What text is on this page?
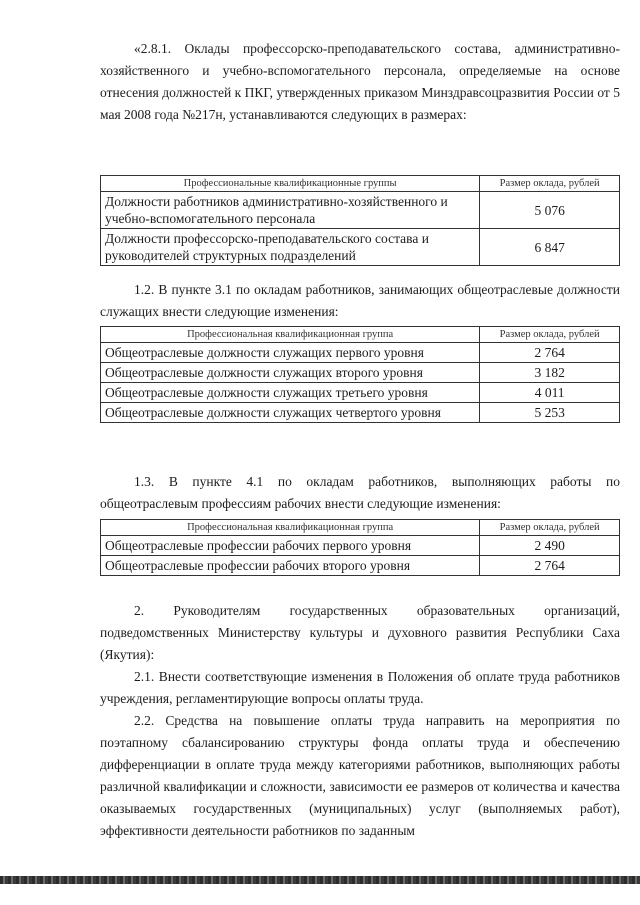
«2.8.1. Оклады профессорско-преподавательского состава, административно-хозяйственного и учебно-вспомогательного персонала, определяемые на основе отнесения должностей к ПКГ, утвержденных приказом Минздравсоцразвития России от 5 мая 2008 года №217н, устанавливаются следующих в размерах:

Профессиональные квалификационные группы	Размер оклада, рублей
Должности работников административно-хозяйственного и учебно-вспомогательного персонала	5 076
Должности профессорско-преподавательского состава и руководителей структурных подразделений	6 847

1.2. В пункте 3.1 по окладам работников, занимающих общеотраслевые должности служащих внести следующие изменения:

Профессиональная квалификационная группа	Размер оклада, рублей
Общеотраслевые должности служащих первого уровня	2 764
Общеотраслевые должности служащих второго уровня	3 182
Общеотраслевые должности служащих третьего уровня	4 011
Общеотраслевые должности служащих четвертого уровня	5 253

1.3. В пункте 4.1 по окладам работников, выполняющих работы по общеотраслевым профессиям рабочих внести следующие изменения:

Профессиональная квалификационная группа	Размер оклада, рублей
Общеотраслевые профессии рабочих первого уровня	2 490
Общеотраслевые профессии рабочих второго уровня	2 764

2. Руководителям государственных образовательных организаций, подведомственных Министерству культуры и духовного развития Республики Саха (Якутия):

2.1. Внести соответствующие изменения в Положения об оплате труда работников учреждения, регламентирующие вопросы оплаты труда.

2.2. Средства на повышение оплаты труда направить на мероприятия по поэтапному сбалансированию структуры фонда оплаты труда и обеспечению дифференциации в оплате труда между категориями работников, выполняющих работы различной квалификации и сложности, зависимости ее размеров от количества и качества оказываемых государственных (муниципальных) услуг (выполняемых работ), эффективности деятельности работников по заданным
